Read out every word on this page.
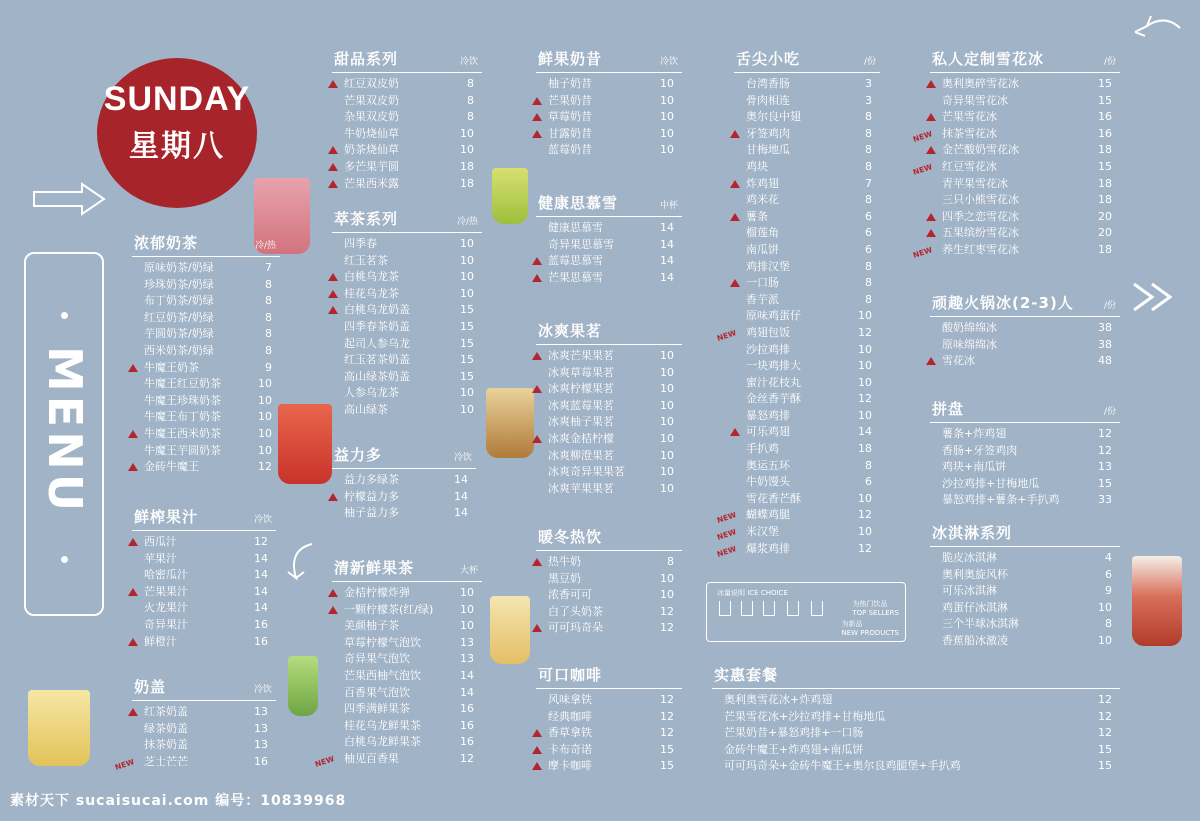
SUNDAY
星期八
MENU
浓郁奶茶	冷/热
原味奶茶/奶绿	7
珍珠奶茶/奶绿	8
布丁奶茶/奶绿	8
红豆奶茶/奶绿	8
芋圆奶茶/奶绿	8
西米奶茶/奶绿	8
牛魔王奶茶	9
牛魔王红豆奶茶	10
牛魔王珍珠奶茶	10
牛魔王布丁奶茶	10
牛魔王西米奶茶	10
牛魔王芋圆奶茶	10
金砖牛魔王	12
鲜榨果汁	冷饮
西瓜汁	12
苹果汁	14
哈密瓜汁	14
芒果果汁	14
火龙果汁	14
奇异果汁	16
鲜橙汁	16
奶盖	冷饮
红茶奶盖	13
绿茶奶盖	13
抹茶奶盖	13
NEW 芝士芒芒	16
甜品系列	冷饮
红豆双皮奶	8
芒果双皮奶	8
杂果双皮奶	8
牛奶烧仙草	10
奶茶烧仙草	10
多芒果芋圆	18
芒果西米露	18
萃茶系列	冷/热
四季春	10
红玉茗茶	10
白桃乌龙茶	10
桂花乌龙茶	10
白桃乌龙奶盖	15
四季春茶奶盖	15
起司人参乌龙	15
红玉茗茶奶盖	15
高山绿茶奶盖	15
人参乌龙茶	10
高山绿茶	10
益力多	冷饮
益力多绿茶	14
柠檬益力多	14
柚子益力多	14
清新鲜果茶	大杯
金桔柠檬炸弹	10
一颗柠檬茶(红/绿) 10
美颜柚子茶	10
草莓柠檬气泡饮	13
奇异果气泡饮	13
芒果西柚气泡饮	14
百香果气泡饮	14
四季满鲜果茶	16
桂花乌龙鲜果茶	16
白桃乌龙鲜果茶	16
NEW 柚见百香果	12
鲜果奶昔	冷饮
柚子奶昔	10
芒果奶昔	10
草莓奶昔	10
甘露奶昔	10
蓝莓奶昔	10
健康思慕雪	中杯
健康思慕雪	14
奇异果思慕雪	14
蓝莓思慕雪	14
芒果思慕雪	14
冰爽果茗
冰爽芒果果茗	10
冰爽草莓果茗	10
冰爽柠檬果茗	10
冰爽蓝莓果茗	10
冰爽柚子果茗	10
冰爽金桔柠檬	10
冰爽柳澄果茗	10
冰爽奇异果果茗	10
冰爽苹果果茗	10
暖冬热饮
热牛奶	8
黑豆奶	10
浓香可可	10
白了头奶茶	12
可可玛奇朵	12
可口咖啡
风味拿铁	12
经典咖啡	12
香草拿铁	12
卡布奇诺	15
摩卡咖啡	15
舌尖小吃	/份
台湾香肠	3
骨肉相连	3
奥尔良中翅	8
牙签鸡肉	8
甘梅地瓜	8
鸡块	8
炸鸡翅	7
鸡米花	8
薯条	6
榴莲角	6
南瓜饼	6
鸡排汉堡	8
一口肠	8
香芋派	8
原味鸡蛋仔	10
NEW 鸡翅包饭	12
沙拉鸡排	10
一块鸡排大	10
蜜汁花枝丸	10
金丝香芋酥	12
暴怒鸡排	10
可乐鸡翅	14
手扒鸡	18
奥运五环	8
牛奶馒头	6
雪花香芒酥	10
NEW 蝴蝶鸡腿	12
NEW 米汉堡	10
NEW 爆浆鸡排	12
私人定制雪花冰	/份
奥利奥碎雪花冰	15
奇异果雪花冰	15
芒果雪花冰	16
NEW 抹茶雪花冰	16
金芒酸奶雪花冰	18
NEW 红豆雪花冰	15
青苹果雪花冰	18
三只小熊雪花冰	18
四季之恋雪花冰	20
五果缤纷雪花冰	20
NEW 养生红枣雪花冰	18
顽趣火锅冰(2-3)人	/份
酸奶绵绵冰	38
原味绵绵冰	38
雪花冰	48
拼盘	/份
薯条+炸鸡翅	12
香肠+牙签鸡肉	12
鸡块+南瓜饼	13
沙拉鸡排+甘梅地瓜	15
暴怒鸡排+薯条+手扒鸡	33
冰淇淋系列
脆皮冰淇淋	4
奥利奥旋风杯	6
可乐冰淇淋	9
鸡蛋仔冰淇淋	10
三个半球冰淇淋	8
香蕉船冰激凌	10
实惠套餐
奥利奥雪花冰+炸鸡翅	12
芒果雪花冰+沙拉鸡排+甘梅地瓜	12
芒果奶昔+暴怒鸡排+一口肠	12
金砖牛魔王+炸鸡翅+南瓜饼	15
可可玛奇朵+金砖牛魔王+奥尔良鸡腿堡+手扒鸡	15
冰量说明 ICE CHOICE
为热门饮品
TOP SELLERS
为新品
NEW PRODUCTS
素材天下 sucaisucai.com 编号：10839968
